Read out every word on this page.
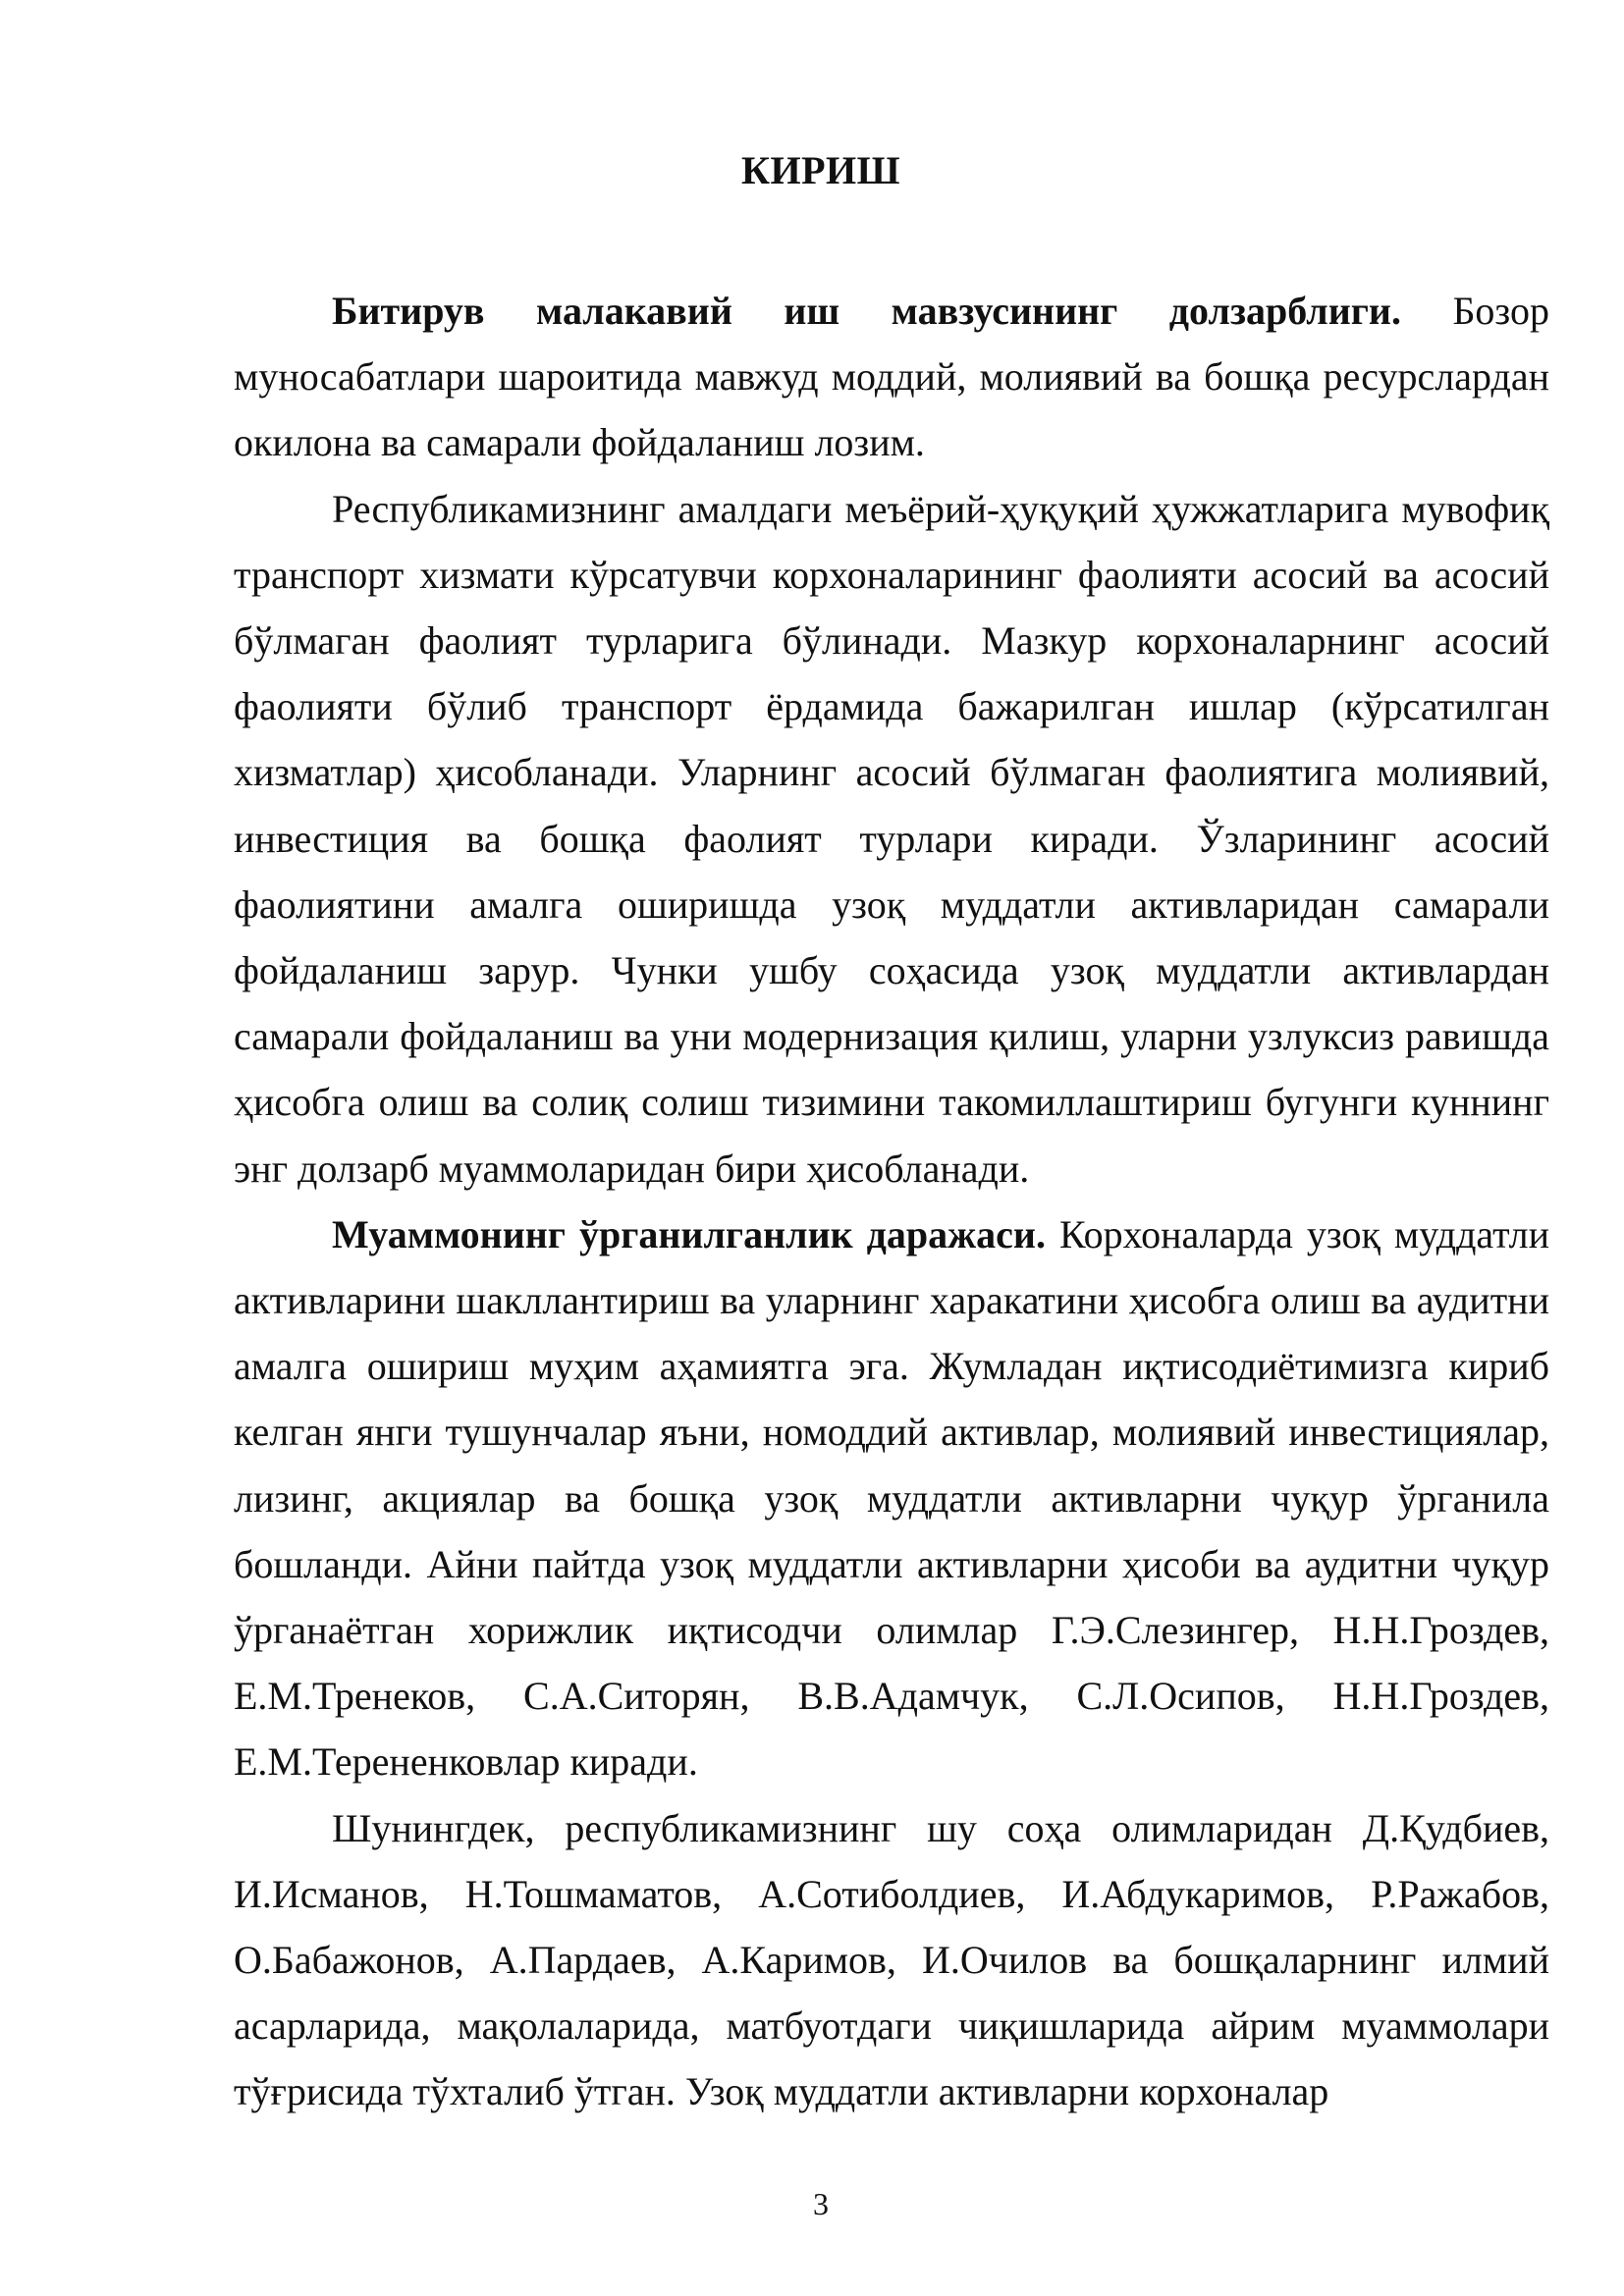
КИРИШ

Битирув малакавий иш мавзусининг долзарблиги. Бозор муносабатлари шароитида мавжуд моддий, молиявий ва бошқа ресурслардан окилона ва самарали фойдаланиш лозим.

Республикамизнинг амалдаги меъёрий-ҳуқуқий ҳужжатларига мувофиқ транспорт хизмати кўрсатувчи корхоналарининг фаолияти асосий ва асосий бўлмаган фаолият турларига бўлинади. Мазкур корхоналарнинг асосий фаолияти бўлиб транспорт ёрдамида бажарилган ишлар (кўрсатилган хизматлар) ҳисобланади. Уларнинг асосий бўлмаган фаолиятига молиявий, инвестиция ва бошқа фаолият турлари киради. Ўзларининг асосий фаолиятини амалга оширишда узоқ муддатли активларидан самарали фойдаланиш зарур. Чунки ушбу соҳасида узоқ муддатли активлардан самарали фойдаланиш ва уни модернизация қилиш, уларни узлуксиз равишда ҳисобга олиш ва солиқ солиш тизимини такомиллаштириш бугунги куннинг энг долзарб муаммоларидан бири ҳисобланади.

Муаммонинг ўрганилганлик даражаси. Корхоналарда узоқ муддатли активларини шакллантириш ва уларнинг харакатини ҳисобга олиш ва аудитни амалга ошириш муҳим аҳамиятга эга. Жумладан иқтисодиётимизга кириб келган янги тушунчалар яъни, номоддий активлар, молиявий инвестициялар, лизинг, акциялар ва бошқа узоқ муддатли активларни чуқур ўрганила бошланди. Айни пайтда узоқ муддатли активларни ҳисоби ва аудитни чуқур ўрганаётган хорижлик иқтисодчи олимлар Г.Э.Слезингер, Н.Н.Гроздев, Е.М.Тренеков, С.А.Ситорян, В.В.Адамчук, С.Л.Осипов, Н.Н.Гроздев, Е.М.Терененковлар киради.

Шунингдек, республикамизнинг шу соҳа олимларидан Д.Қудбиев, И.Исманов, Н.Тошмаматов, А.Сотиболдиев, И.Абдукаримов, Р.Ражабов, О.Бабажонов, А.Пардаев, А.Каримов, И.Очилов ва бошқаларнинг илмий асарларида, мақолаларида, матбуотдаги чиқишларида айрим муаммолари тўғрисида тўхталиб ўтган. Узоқ муддатли активларни корхоналар

3
